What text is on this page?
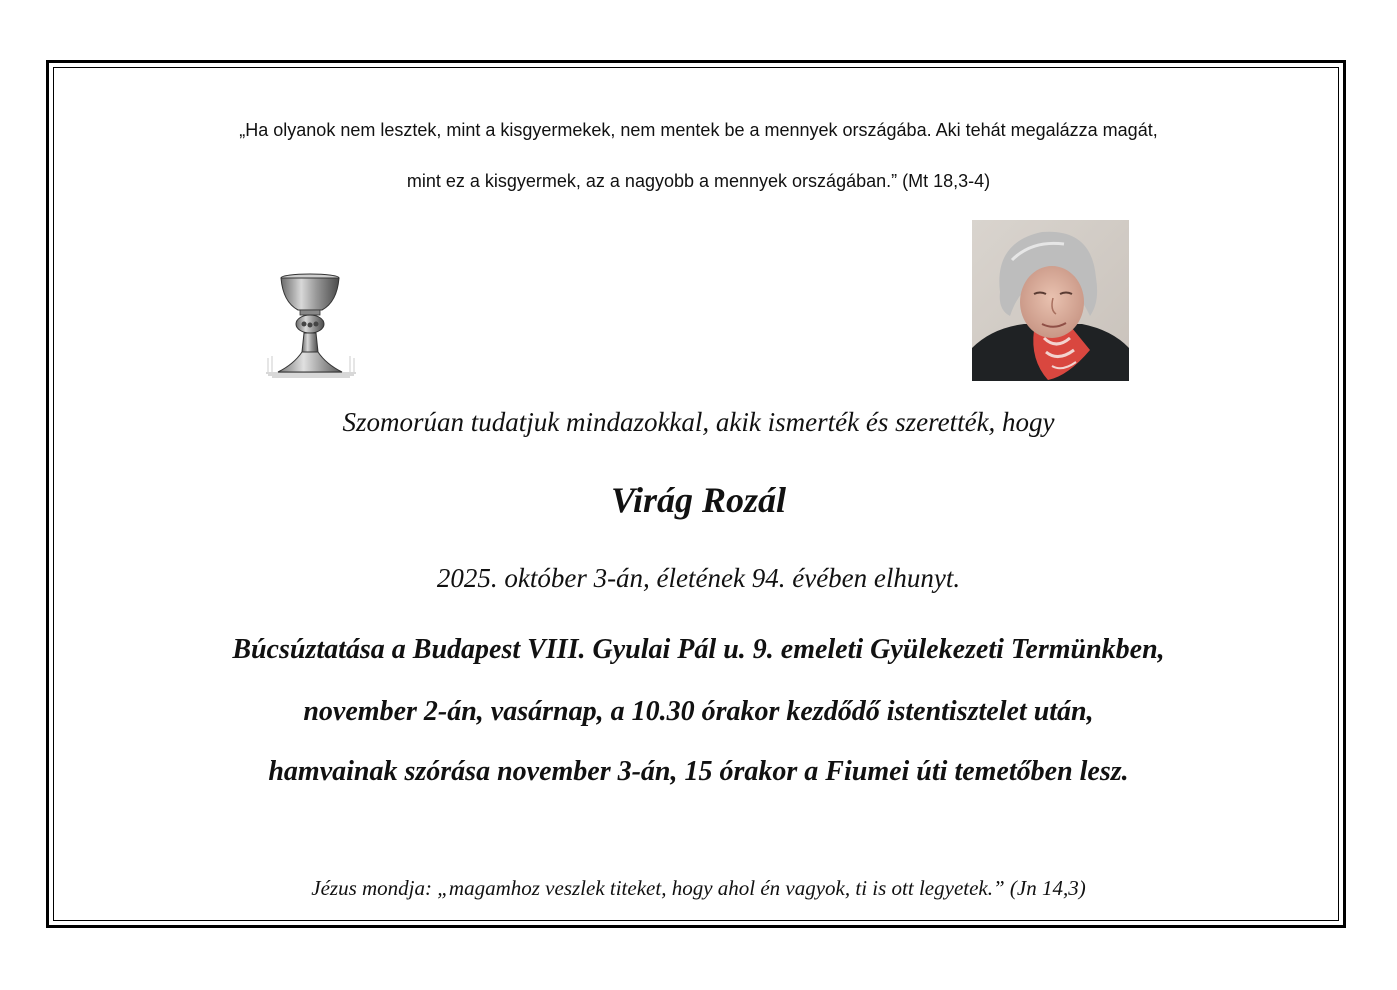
„Ha olyanok nem lesztek, mint a kisgyermekek, nem mentek be a mennyek országába. Aki tehát megalázza magát,
mint ez a kisgyermek, az a nagyobb a mennyek országában.” (Mt 18,3-4)
Szomorúan tudatjuk mindazokkal, akik ismerték és szerették, hogy
Virág Rozál
2025. október 3-án, életének 94. évében elhunyt.
Búcsúztatása a Budapest VIII. Gyulai Pál u. 9. emeleti Gyülekezeti Termünkben,
november 2-án, vasárnap, a 10.30 órakor kezdődő istentisztelet után,
hamvainak szórása november 3-án, 15 órakor a Fiumei úti temetőben lesz.
Jézus mondja: „magamhoz veszlek titeket, hogy ahol én vagyok, ti is ott legyetek.” (Jn 14,3)
